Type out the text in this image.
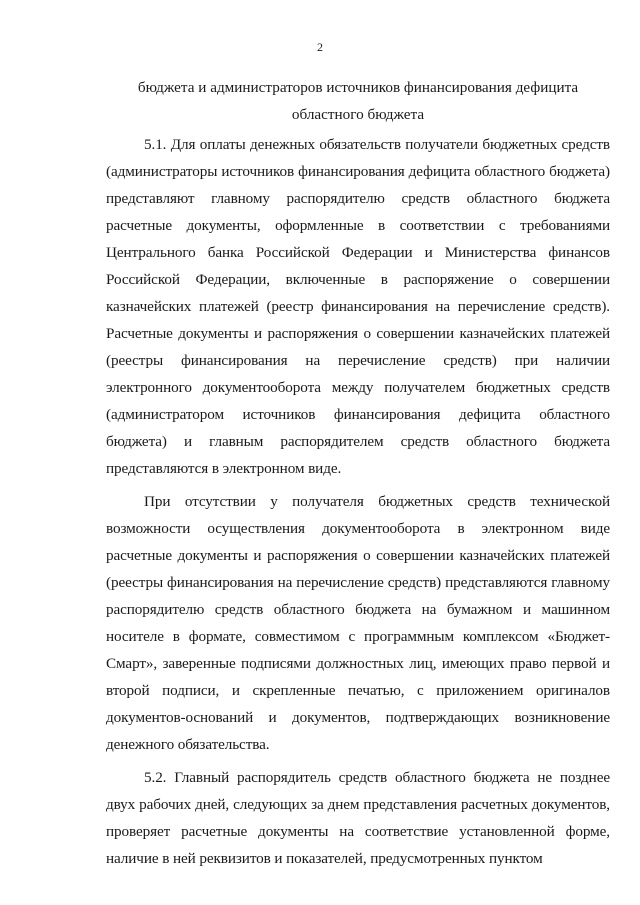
2

бюджета и администраторов источников финансирования дефицита

областного бюджета

5.1. Для оплаты денежных обязательств получатели бюджетных средств (администраторы источников финансирования дефицита областного бюджета) представляют главному распорядителю средств областного бюджета расчетные документы, оформленные в соответствии с требованиями Центрального банка Российской Федерации и Министерства финансов Российской Федерации, включенные в распоряжение о совершении казначейских платежей (реестр финансирования на перечисление средств). Расчетные документы и распоряжения о совершении казначейских платежей (реестры финансирования на перечисление средств) при наличии электронного документооборота между получателем бюджетных средств (администратором источников финансирования дефицита областного бюджета) и главным распорядителем средств областного бюджета представляются в электронном виде.

При отсутствии у получателя бюджетных средств технической возможности осуществления документооборота в электронном виде расчетные документы и распоряжения о совершении казначейских платежей (реестры финансирования на перечисление средств) представляются главному распорядителю средств областного бюджета на бумажном и машинном носителе в формате, совместимом с программным комплексом «Бюджет-Смарт», заверенные подписями должностных лиц, имеющих право первой и второй подписи, и скрепленные печатью, с приложением оригиналов документов-оснований и документов, подтверждающих возникновение денежного обязательства.

5.2. Главный распорядитель средств областного бюджета не позднее двух рабочих дней, следующих за днем представления расчетных документов, проверяет расчетные документы на соответствие установленной форме, наличие в ней реквизитов и показателей, предусмотренных пунктом
